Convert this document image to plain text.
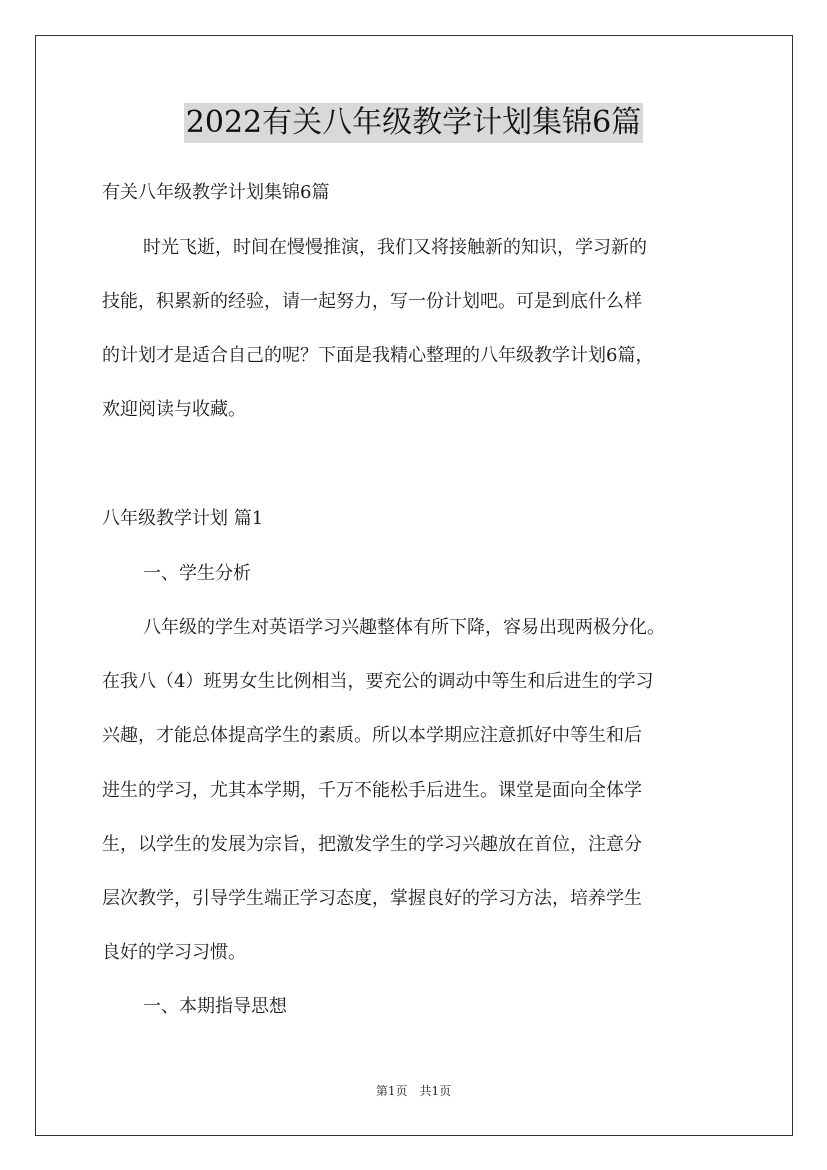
2022有关八年级教学计划集锦6篇
有关八年级教学计划集锦6篇
时光飞逝，时间在慢慢推演，我们又将接触新的知识，学习新的
技能，积累新的经验，请一起努力，写一份计划吧。可是到底什么样
的计划才是适合自己的呢？下面是我精心整理的八年级教学计划6篇，
欢迎阅读与收藏。
八年级教学计划 篇1
一、学生分析
八年级的学生对英语学习兴趣整体有所下降，容易出现两极分化。
在我八（4）班男女生比例相当，要充公的调动中等生和后进生的学习
兴趣，才能总体提高学生的素质。所以本学期应注意抓好中等生和后
进生的学习，尤其本学期，千万不能松手后进生。课堂是面向全体学
生，以学生的发展为宗旨，把激发学生的学习兴趣放在首位，注意分
层次教学，引导学生端正学习态度，掌握良好的学习方法，培养学生
良好的学习习惯。
一、本期指导思想
第1页　共1页
